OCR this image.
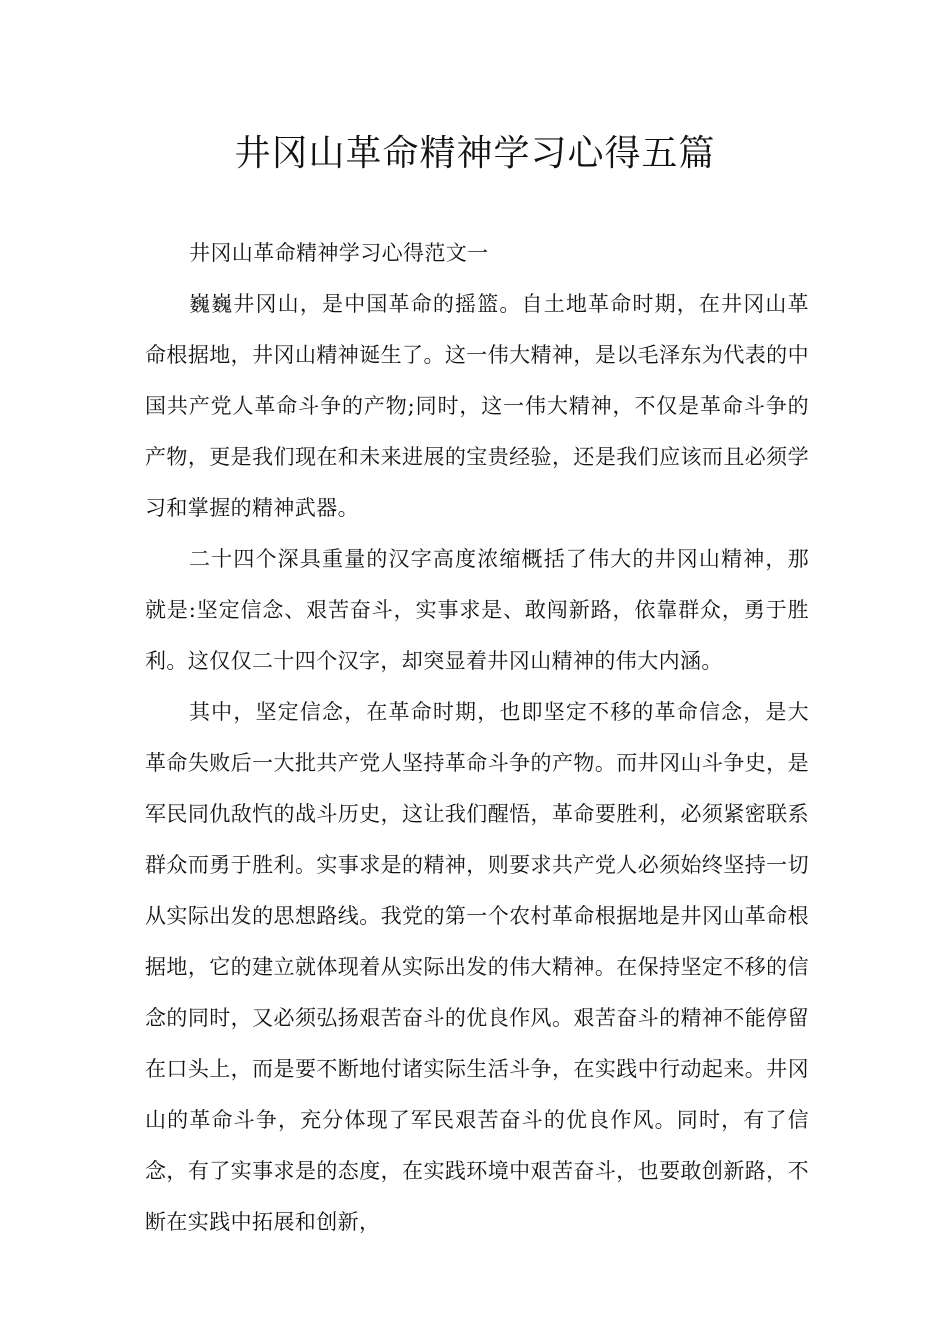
井冈山革命精神学习心得五篇

井冈山革命精神学习心得范文一

巍巍井冈山，是中国革命的摇篮。自土地革命时期，在井冈山革命根据地，井冈山精神诞生了。这一伟大精神，是以毛泽东为代表的中国共产党人革命斗争的产物;同时，这一伟大精神，不仅是革命斗争的产物，更是我们现在和未来进展的宝贵经验，还是我们应该而且必须学习和掌握的精神武器。

二十四个深具重量的汉字高度浓缩概括了伟大的井冈山精神，那就是:坚定信念、艰苦奋斗，实事求是、敢闯新路，依靠群众，勇于胜利。这仅仅二十四个汉字，却突显着井冈山精神的伟大内涵。

其中，坚定信念，在革命时期，也即坚定不移的革命信念，是大革命失败后一大批共产党人坚持革命斗争的产物。而井冈山斗争史，是军民同仇敌忾的战斗历史，这让我们醒悟，革命要胜利，必须紧密联系群众而勇于胜利。实事求是的精神，则要求共产党人必须始终坚持一切从实际出发的思想路线。我党的第一个农村革命根据地是井冈山革命根据地，它的建立就体现着从实际出发的伟大精神。在保持坚定不移的信念的同时，又必须弘扬艰苦奋斗的优良作风。艰苦奋斗的精神不能停留在口头上，而是要不断地付诸实际生活斗争，在实践中行动起来。井冈山的革命斗争，充分体现了军民艰苦奋斗的优良作风。同时，有了信念，有了实事求是的态度，在实践环境中艰苦奋斗，也要敢创新路，不断在实践中拓展和创新，
